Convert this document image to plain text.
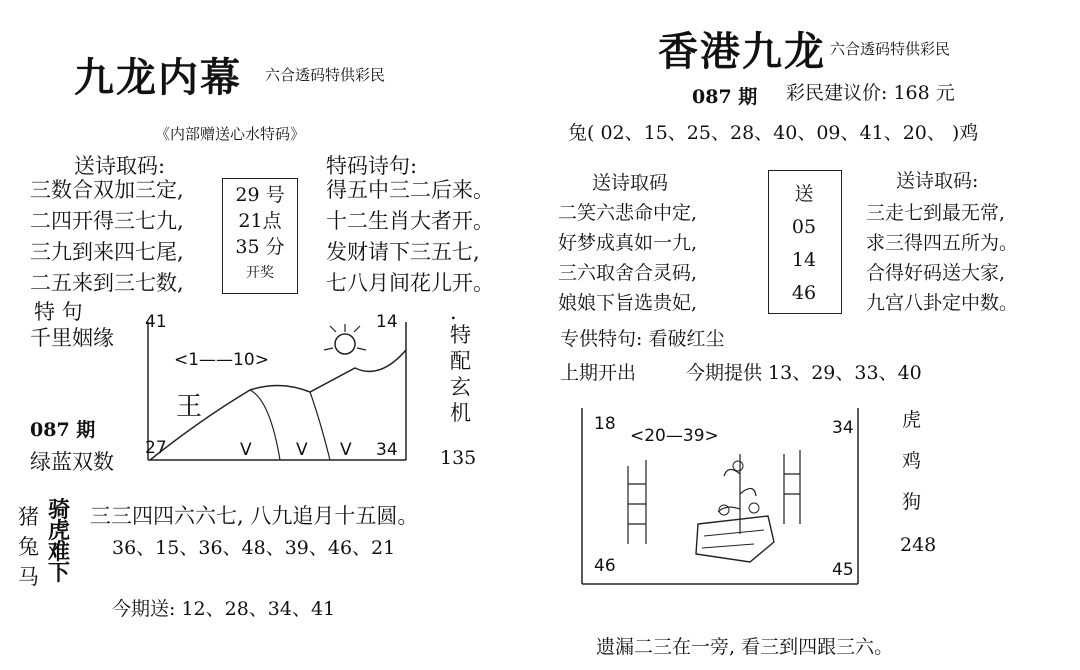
九龙内幕 六合透码特供彩民
《内部赠送心水特码》
送诗取码:
三数合双加三定,
二四开得三七九,
三九到来四七尾,
二五来到三七数,
29 号
21点
35 分
开奖
特码诗句:
得五中三二后来。
十二生肖大者开。
发财请下三五七,
七八月间花儿开。
特 句
千里姻缘
087 期
绿蓝双数
41	14
27	34
<1——10>
王
V	V V
.
特配玄机
135
猪
兔
马
骑
虎
难
下
三三四四六六七, 八九追月十五圆。
36、15、36、48、39、46、21
今期送: 12、28、34、41
香港九龙 六合透码特供彩民
087 期 彩民建议价: 168 元
兔( 02、15、25、28、40、09、41、20、 )鸡
送诗取码
二笑六悲命中定,
好梦成真如一九,
三六取舍合灵码,
娘娘下旨选贵妃,
送
05
14
46
送诗取码:
三走七到最无常,
求三得四五所为。
合得好码送大家,
九宫八卦定中数。
专供特句: 看破红尘
上期开出	今期提供 13、29、33、40
18	34
46	45
<20—39>
虎
鸡
狗
248
遗漏二三在一旁, 看三到四跟三六。
